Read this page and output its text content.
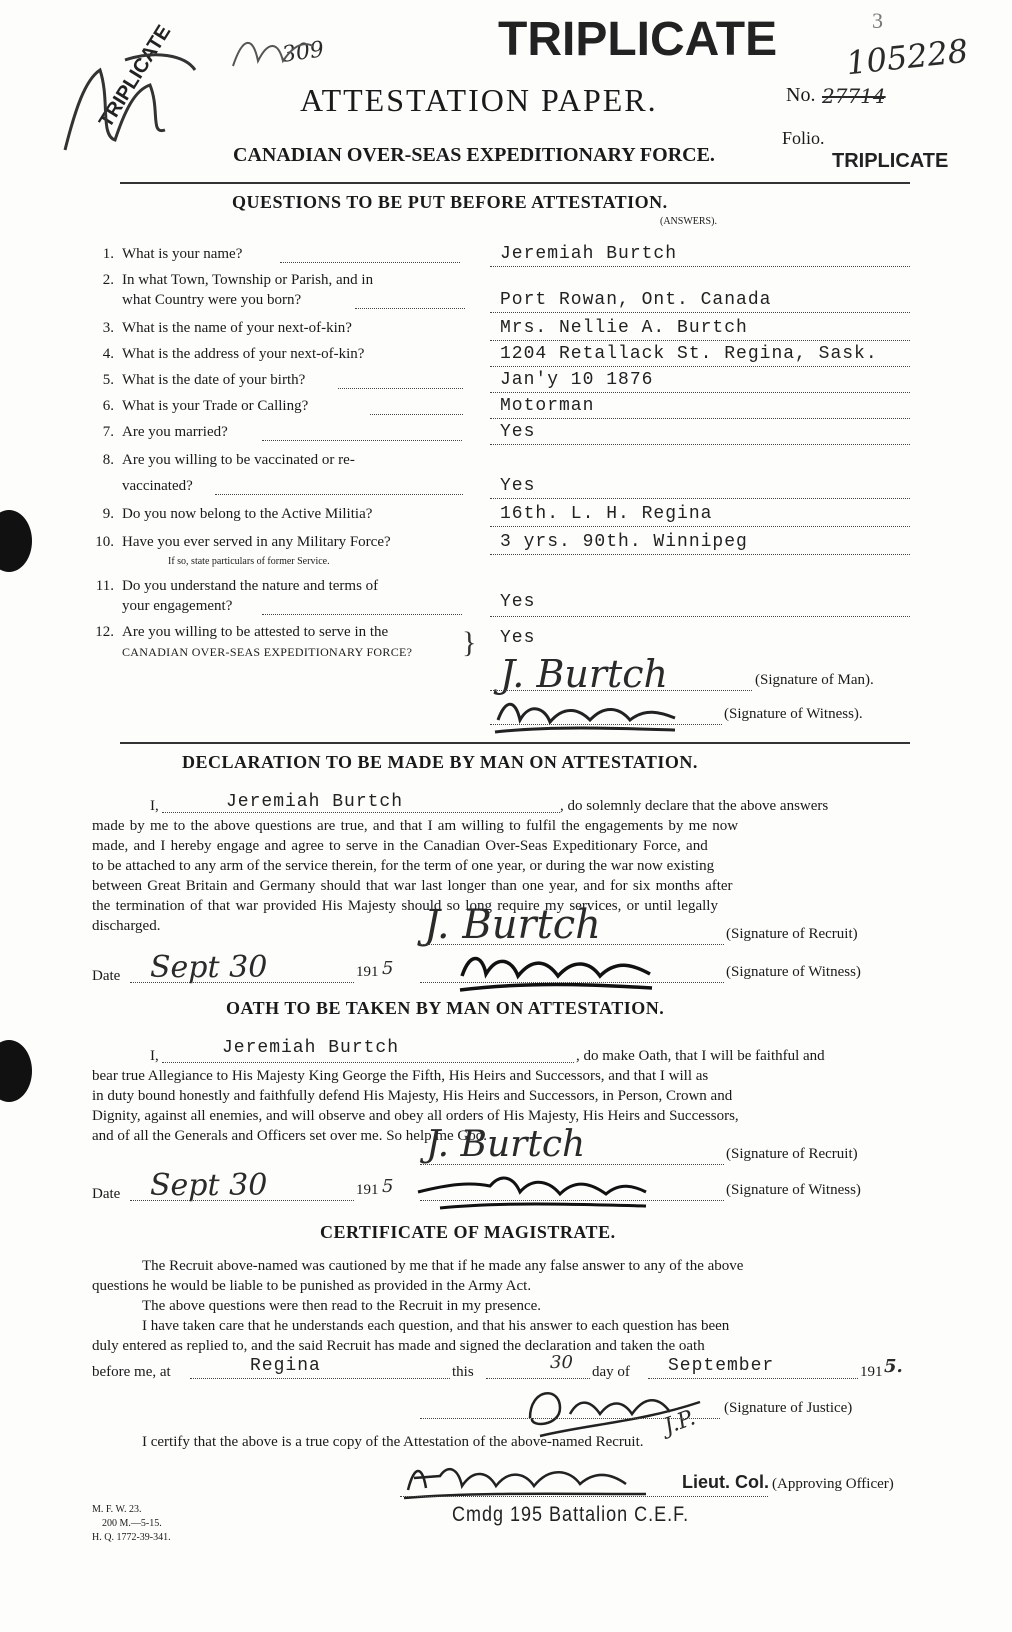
TRIPLICATE	309	TRIPLICATE	3
ATTESTATION PAPER.
CANADIAN OVER-SEAS EXPEDITIONARY FORCE.
No. 27714
105228
Folio.
TRIPLICATE
QUESTIONS TO BE PUT BEFORE ATTESTATION.
(ANSWERS).
1. What is your name?	Jeremiah Burtch
2. In what Town, Township or Parish, and in
what Country were you born?	Port Rowan, Ont. Canada
3. What is the name of your next-of-kin?	Mrs. Nellie A. Burtch
4. What is the address of your next-of-kin?	1204 Retallack St. Regina, Sask.
5. What is the date of your birth?	Jan'y 10 1876
6. What is your Trade or Calling?	Motorman
7. Are you married?	Yes
8. Are you willing to be vaccinated or re-
vaccinated?	Yes
9. Do you now belong to the Active Militia?	16th. L. H. Regina
10. Have you ever served in any Military Force?
If so, state particulars of former Service.
3 yrs. 90th. Winnipeg
11. Do you understand the nature and terms of
your engagement?	Yes
12. Are you willing to be attested to serve in the
CANADIAN OVER-SEAS EXPEDITIONARY FORCE? } Yes
J. Burtch	(Signature of Man).
(Signature of Witness).
DECLARATION TO BE MADE BY MAN ON ATTESTATION.
I,	Jeremiah Burtch	, do solemnly declare that the above answers
made by me to the above questions are true, and that I am willing to fulfil the engagements by me now
made, and I hereby engage and agree to serve in the Canadian Over-Seas Expeditionary Force, and
to be attached to any arm of the service therein, for the term of one year, or during the war now existing
between Great Britain and Germany should that war last longer than one year, and for six months after
the termination of that war provided His Majesty should so long require my services, or until legally
discharged.	J. Burtch	(Signature of Recruit)
Date Sept 30	191 5	(Signature of Witness)
OATH TO BE TAKEN BY MAN ON ATTESTATION.
I,	Jeremiah Burtch	, do make Oath, that I will be faithful and
bear true Allegiance to His Majesty King George the Fifth, His Heirs and Successors, and that I will as
in duty bound honestly and faithfully defend His Majesty, His Heirs and Successors, in Person, Crown and
Dignity, against all enemies, and will observe and obey all orders of His Majesty, His Heirs and Successors,
and of all the Generals and Officers set over me. So help me God.
J. Burtch	(Signature of Recruit)
Date Sept 30	191 5	(Signature of Witness)
CERTIFICATE OF MAGISTRATE.
The Recruit above-named was cautioned by me that if he made any false answer to any of the above
questions he would be liable to be punished as provided in the Army Act.
The above questions were then read to the Recruit in my presence.
I have taken care that he understands each question, and that his answer to each question has been
duly entered as replied to, and the said Recruit has made and signed the declaration and taken the oath
before me, at	Regina	this	30 day of September	191 5.
J.P. (Signature of Justice)
I certify that the above is a true copy of the Attestation of the above-named Recruit.
Lieut. Col. (Approving Officer)
Cmdg 195 Battalion C.E.F.
M. F. W. 23.
200 M.—5-15.
H. Q. 1772-39-341.
